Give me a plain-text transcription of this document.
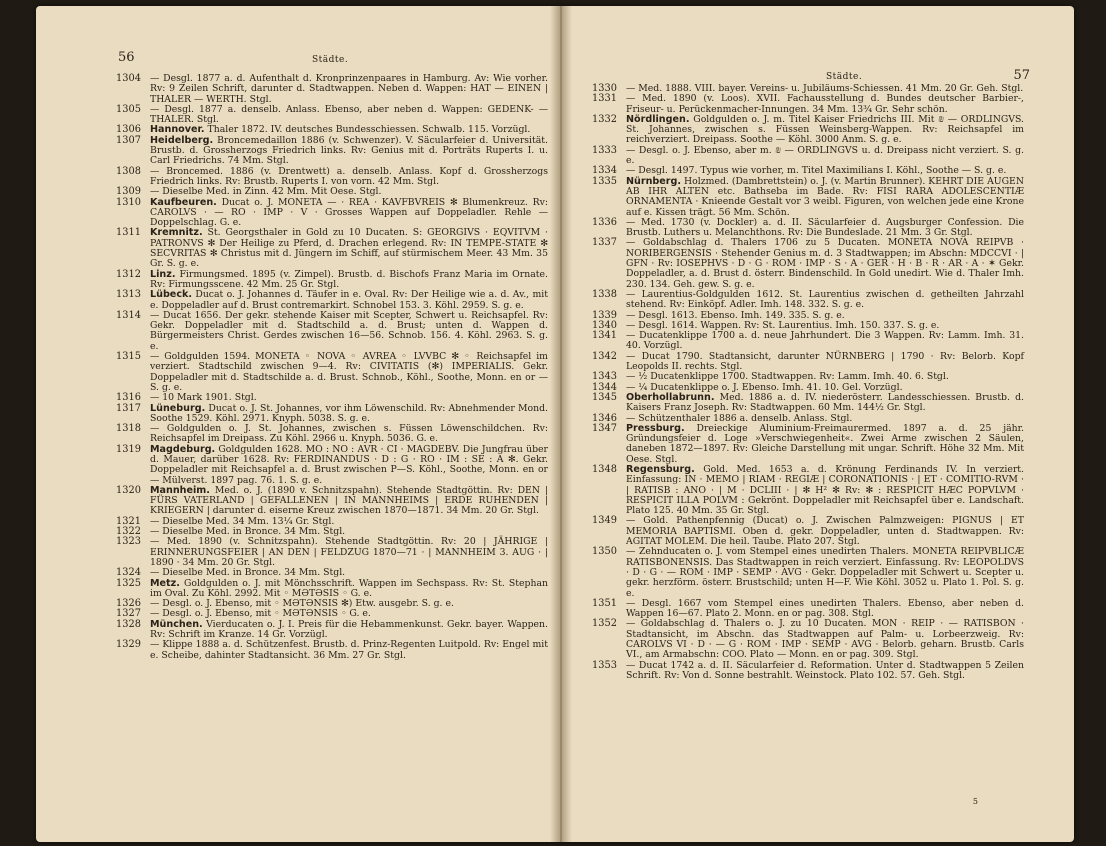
56	Städte.
1304 — Desgl. 1877 a. d. Aufenthalt d. Kronprinzenpaares in Hamburg. Av: Wie vorher. Rv: 9 Zeilen Schrift, darunter d. Stadtwappen. Neben d. Wappen: HAT — EINEN | THALER — WERTH. Stgl.
1305 — Desgl. 1877 a. denselb. Anlass. Ebenso, aber neben d. Wappen: GEDENK- — THALER. Stgl.
1306 Hannover. Thaler 1872. IV. deutsches Bundesschiessen. Schwalb. 115. Vorzügl.
1307 Heidelberg. Broncemedaillon 1886 (v. Schwenzer). V. Säcularfeier d. Universität. Brustb. d. Grossherzogs Friedrich links. Rv: Genius mit d. Porträts Ruperts I. u. Carl Friedrichs. 74 Mm. Stgl.
1308 — Broncemed. 1886 (v. Drentwett) a. denselb. Anlass. Kopf d. Grossherzogs Friedrich links. Rv: Brustb. Ruperts I. von vorn. 42 Mm. Stgl.
1309 — Dieselbe Med. in Zinn. 42 Mm. Mit Oese. Stgl.
1310 Kaufbeuren. Ducat o. J. MONETA — · REA · KAVFBVREIS ✻ Blumenkreuz. Rv: CAROLVS · — RO · IMP · V · Grosses Wappen auf Doppeladler. Rehle — Doppelschlag. G. e.
1311 Kremnitz. St. Georgsthaler in Gold zu 10 Ducaten. S: GEORGIVS · EQVITVM · PATRONVS ✻ Der Heilige zu Pferd, d. Drachen erlegend. Rv: IN TEMPE-STATE ✻ SECVRITAS ✻ Christus mit d. Jüngern im Schiff, auf stürmischem Meer. 43 Mm. 35 Gr. S. g. e.
1312 Linz. Firmungsmed. 1895 (v. Zimpel). Brustb. d. Bischofs Franz Maria im Ornate. Rv: Firmungsscene. 42 Mm. 25 Gr. Stgl.
1313 Lübeck. Ducat o. J. Johannes d. Täufer in e. Oval. Rv: Der Heilige wie a. d. Av., mit e. Doppeladler auf d. Brust contremarkirt. Schnobel 153. 3. Köhl. 2959. S. g. e.
1314 — Ducat 1656. Der gekr. stehende Kaiser mit Scepter, Schwert u. Reichsapfel. Rv: Gekr. Doppeladler mit d. Stadtschild a. d. Brust; unten d. Wappen d. Bürgermeisters Christ. Gerdes zwischen 16—56. Schnob. 156. 4. Köhl. 2963. S. g. e.
1315 — Goldgulden 1594. MONETA ◦ NOVA ◦ AVREA ◦ LVVBC ✻ ◦ Reichsapfel im verziert. Stadtschild zwischen 9—4. Rv: CIVITATIS (✻) IMPERIALIS. Gekr. Doppeladler mit d. Stadtschilde a. d. Brust. Schnob., Köhl., Soothe, Monn. en or — S. g. e.
1316 — 10 Mark 1901. Stgl.
1317 Lüneburg. Ducat o. J. St. Johannes, vor ihm Löwenschild. Rv: Abnehmender Mond. Soothe 1529. Köhl. 2971. Knyph. 5038. S. g. e.
1318 — Goldgulden o. J. St. Johannes, zwischen s. Füssen Löwenschildchen. Rv: Reichsapfel im Dreipass. Zu Köhl. 2966 u. Knyph. 5036. G. e.
1319 Magdeburg. Goldgulden 1628. MO : NO : AVR · CI · MAGDEBV. Die Jungfrau über d. Mauer, darüber 1628. Rv: FERDINANDUS · D : G · RO · IM : SE : A ✻. Gekr. Doppeladler mit Reichsapfel a. d. Brust zwischen P—S. Köhl., Soothe, Monn. en or — Mülverst. 1897 pag. 76. 1. S. g. e.
1320 Mannheim. Med. o. J. (1890 v. Schnitzspahn). Stehende Stadtgöttin. Rv: DEN | FÜRS VATERLAND | GEFALLENEN | IN MANNHEIMS | ERDE RUHENDEN | KRIEGERN | darunter d. eiserne Kreuz zwischen 1870—1871. 34 Mm. 20 Gr. Stgl.
1321 — Dieselbe Med. 34 Mm. 13¼ Gr. Stgl.
1322 — Dieselbe Med. in Bronce. 34 Mm. Stgl.
1323 — Med. 1890 (v. Schnitzspahn). Stehende Stadtgöttin. Rv: 20 | JÄHRIGE | ERINNERUNGSFEIER | AN DEN | FELDZUG 1870—71 · | MANNHEIM 3. AUG · | 1890 · 34 Mm. 20 Gr. Stgl.
1324 — Dieselbe Med. in Bronce. 34 Mm. Stgl.
1325 Metz. Goldgulden o. J. mit Mönchsschrift. Wappen im Sechspass. Rv: St. Stephan im Oval. Zu Köhl. 2992. Mit ◦ MƏTƏSIS ◦ G. e.
1326 — Desgl. o. J. Ebenso, mit ◦ MƏTƏNSIS ✻) Etw. ausgebr. S. g. e.
1327 — Desgl. o. J. Ebenso, mit ◦ MƏTƏNSIS ◦ G. e.
1328 München. Vierducaten o. J. I. Preis für die Hebammenkunst. Gekr. bayer. Wappen. Rv: Schrift im Kranze. 14 Gr. Vorzügl.
1329 — Klippe 1888 a. d. Schützenfest. Brustb. d. Prinz-Regenten Luitpold. Rv: Engel mit e. Scheibe, dahinter Stadtansicht. 36 Mm. 27 Gr. Stgl.
Städte.	57
1330 — Med. 1888. VIII. bayer. Vereins- u. Jubiläums-Schiessen. 41 Mm. 20 Gr. Geh. Stgl.
1331 — Med. 1890 (v. Loos). XVII. Fachausstellung d. Bundes deutscher Barbier-, Friseur- u. Perückenmacher-Innungen. 34 Mm. 13¾ Gr. Sehr schön.
1332 Nördlingen. Goldgulden o. J. m. Titel Kaiser Friedrichs III. Mit ₪ — ORDLINGVS. St. Johannes, zwischen s. Füssen Weinsberg-Wappen. Rv: Reichsapfel im reichverziert. Dreipass. Soothe — Köhl. 3000 Anm. S. g. e.
1333 — Desgl. o. J. Ebenso, aber m. ₪ — ORDLINGVS u. d. Dreipass nicht verziert. S. g. e.
1334 — Desgl. 1497. Typus wie vorher, m. Titel Maximilians I. Köhl., Soothe — S. g. e.
1335 Nürnberg. Holzmed. (Dambrettstein) o. J. (v. Martin Brunner). KEHRT DIE AUGEN AB IHR ALTEN etc. Bathseba im Bade. Rv: FISI RARA ADOLESCENTIÆ ORNAMENTA · Knieende Gestalt vor 3 weibl. Figuren, von welchen jede eine Krone auf e. Kissen trägt. 56 Mm. Schön.
1336 — Med. 1730 (v. Dockler) a. d. II. Säcularfeier d. Augsburger Confession. Die Brustb. Luthers u. Melanchthons. Rv: Die Bundeslade. 21 Mm. 3 Gr. Stgl.
1337 — Goldabschlag d. Thalers 1706 zu 5 Ducaten. MONETA NOVA REIPVB · NORIBERGENSIS · Stehender Genius m. d. 3 Stadtwappen; im Abschn: MDCCVI · | GFN · Rv: IOSEPHVS · D · G · ROM · IMP · S · A · GER · H · B · R · AR · A · ✶ Gekr. Doppeladler, a. d. Brust d. österr. Bindenschild. In Gold unedirt. Wie d. Thaler Imh. 230. 134. Geh. gew. S. g. e.
1338 — Laurentius-Goldgulden 1612. St. Laurentius zwischen d. getheilten Jahrzahl stehend. Rv: Einköpf. Adler. Imh. 148. 332. S. g. e.
1339 — Desgl. 1613. Ebenso. Imh. 149. 335. S. g. e.
1340 — Desgl. 1614. Wappen. Rv: St. Laurentius. Imh. 150. 337. S. g. e.
1341 — Ducatenklippe 1700 a. d. neue Jahrhundert. Die 3 Wappen. Rv: Lamm. Imh. 31. 40. Vorzügl.
1342 — Ducat 1790. Stadtansicht, darunter NÜRNBERG | 1790 · Rv: Belorb. Kopf Leopolds II. rechts. Stgl.
1343 — ½ Ducatenklippe 1700. Stadtwappen. Rv: Lamm. Imh. 40. 6. Stgl.
1344 — ¼ Ducatenklippe o. J. Ebenso. Imh. 41. 10. Gel. Vorzügl.
1345 Oberhollabrunn. Med. 1886 a. d. IV. niederösterr. Landesschiessen. Brustb. d. Kaisers Franz Joseph. Rv: Stadtwappen. 60 Mm. 144½ Gr. Stgl.
1346 — Schützenthaler 1886 a. denselb. Anlass. Stgl.
1347 Pressburg. Dreieckige Aluminium-Freimaurermed. 1897 a. d. 25 jähr. Gründungsfeier d. Loge »Verschwiegenheit«. Zwei Arme zwischen 2 Säulen, daneben 1872—1897. Rv: Gleiche Darstellung mit ungar. Schrift. Höhe 32 Mm. Mit Oese. Stgl.
1348 Regensburg. Gold. Med. 1653 a. d. Krönung Ferdinands IV. In verziert. Einfassung: IN · MEMO | RIAM · REGIÆ | CORONATIONIS · | ET · COMITIO-RVM · | RATISB : ANO · | M · DCLIII · | ✻ H² ✻ Rv: ✻ : RESPICIT HÆC POPVLVM · RESPICIT ILLA POLVM : Gekrönt. Doppeladler mit Reichsapfel über e. Landschaft. Plato 125. 40 Mm. 35 Gr. Stgl.
1349 — Gold. Pathenpfennig (Ducat) o. J. Zwischen Palmzweigen: PIGNUS | ET MEMORIA BAPTISMI. Oben d. gekr. Doppeladler, unten d. Stadtwappen. Rv: AGITAT MOLEM. Die heil. Taube. Plato 207. Stgl.
1350 — Zehnducaten o. J. vom Stempel eines unedirten Thalers. MONETA REIPVBLICÆ RATISBONENSIS. Das Stadtwappen in reich verziert. Einfassung. Rv: LEOPOLDVS · D · G · — ROM · IMP · SEMP · AVG · Gekr. Doppeladler mit Schwert u. Scepter u. gekr. herzförm. österr. Brustschild; unten H—F. Wie Köhl. 3052 u. Plato 1. Pol. S. g. e.
1351 — Desgl. 1667 vom Stempel eines unedirten Thalers. Ebenso, aber neben d. Wappen 16—67. Plato 2. Monn. en or pag. 308. Stgl.
1352 — Goldabschlag d. Thalers o. J. zu 10 Ducaten. MON · REIP · — RATISBON · Stadtansicht, im Abschn. das Stadtwappen auf Palm- u. Lorbeerzweig. Rv: CAROLVS VI · D · — G · ROM · IMP · SEMP · AVG · Belorb. geharn. Brustb. Carls VI., am Armabschn: COO. Plato — Monn. en or pag. 309. Stgl.
1353 — Ducat 1742 a. d. II. Säcularfeier d. Reformation. Unter d. Stadtwappen 5 Zeilen Schrift. Rv: Von d. Sonne bestrahlt. Weinstock. Plato 102. 57. Geh. Stgl.
5
